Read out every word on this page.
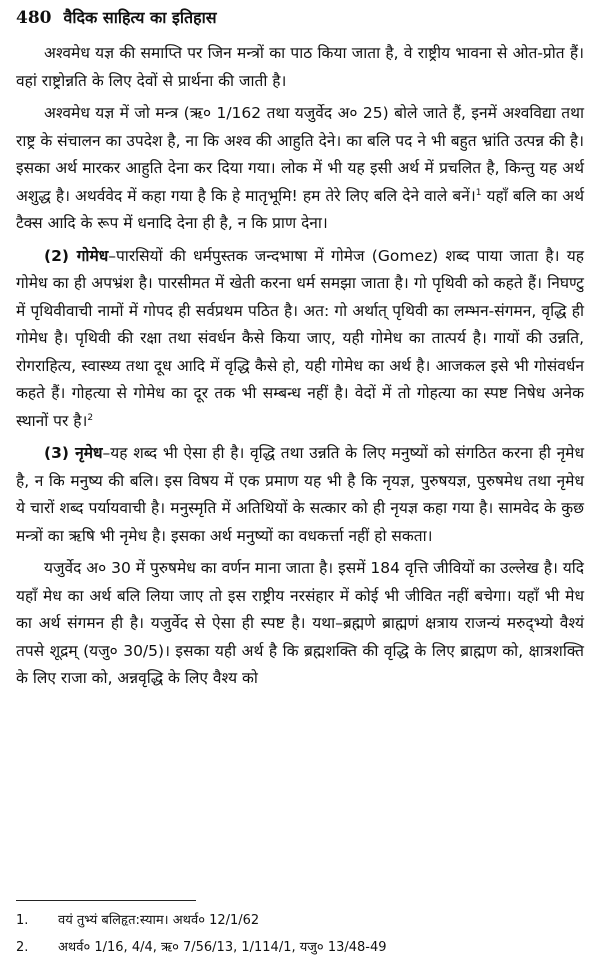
480 वैदिक साहित्य का इतिहास

अश्वमेध यज्ञ की समाप्ति पर जिन मन्त्रों का पाठ किया जाता है, वे राष्ट्रीय भावना से ओत-प्रोत हैं। वहां राष्ट्रोन्नति के लिए देवों से प्रार्थना की जाती है।

अश्वमेध यज्ञ में जो मन्त्र (ऋ० 1/162 तथा यजुर्वेद अ० 25) बोले जाते हैं, इनमें अश्वविद्या तथा राष्ट्र के संचालन का उपदेश है, ना कि अश्व की आहुति देने। का बलि पद ने भी बहुत भ्रांति उत्पन्न की है। इसका अर्थ मारकर आहुति देना कर दिया गया। लोक में भी यह इसी अर्थ में प्रचलित है, किन्तु यह अर्थ अशुद्ध है। अथर्ववेद में कहा गया है कि हे मातृभूमि! हम तेरे लिए बलि देने वाले बनें।$^1$ यहाँ बलि का अर्थ टैक्स आदि के रूप में धनादि देना ही है, न कि प्राण देना।

(2) गोमेध–पारसियों की धर्मपुस्तक जन्दभाषा में गोमेज (Gomez) शब्द पाया जाता है। यह गोमेध का ही अपभ्रंश है। पारसीमत में खेती करना धर्म समझा जाता है। गो पृथिवी को कहते हैं। निघण्टु में पृथिवीवाची नामों में गोपद ही सर्वप्रथम पठित है। अत: गो अर्थात् पृथिवी का लम्भन-संगमन, वृद्धि ही गोमेध है। पृथिवी की रक्षा तथा संवर्धन कैसे किया जाए, यही गोमेध का तात्पर्य है। गायों की उन्नति, रोगराहित्य, स्वास्थ्य तथा दूध आदि में वृद्धि कैसे हो, यही गोमेध का अर्थ है। आजकल इसे भी गोसंवर्धन कहते हैं। गोहत्या से गोमेध का दूर तक भी सम्बन्ध नहीं है। वेदों में तो गोहत्या का स्पष्ट निषेध अनेक स्थानों पर है।$^2$

(3) नृमेध–यह शब्द भी ऐसा ही है। वृद्धि तथा उन्नति के लिए मनुष्यों को संगठित करना ही नृमेध है, न कि मनुष्य की बलि। इस विषय में एक प्रमाण यह भी है कि नृयज्ञ, पुरुषयज्ञ, पुरुषमेध तथा नृमेध ये चारों शब्द पर्यायवाची है। मनुस्मृति में अतिथियों के सत्कार को ही नृयज्ञ कहा गया है। सामवेद के कुछ मन्त्रों का ऋषि भी नृमेध है। इसका अर्थ मनुष्यों का वधकर्त्ता नहीं हो सकता।

यजुर्वेद अ० 30 में पुरुषमेध का वर्णन माना जाता है। इसमें 184 वृत्ति जीवियों का उल्लेख है। यदि यहाँ मेध का अर्थ बलि लिया जाए तो इस राष्ट्रीय नरसंहार में कोई भी जीवित नहीं बचेगा। यहाँ भी मेध का अर्थ संगमन ही है। यजुर्वेद से ऐसा ही स्पष्ट है। यथा–ब्रह्मणे ब्राह्मणं क्षत्राय राजन्यं मरुद्भ्यो वैश्यं तपसे शूद्रम् (यजु० 30/5)। इसका यही अर्थ है कि ब्रह्मशक्ति की वृद्धि के लिए ब्राह्मण को, क्षात्रशक्ति के लिए राजा को, अन्नवृद्धि के लिए वैश्य को

1.	वयं तुभ्यं बलिहृत:स्याम। अथर्व० 12/1/62
2.	अथर्व० 1/16, 4/4, ऋ० 7/56/13, 1/114/1, यजु० 13/48-49
